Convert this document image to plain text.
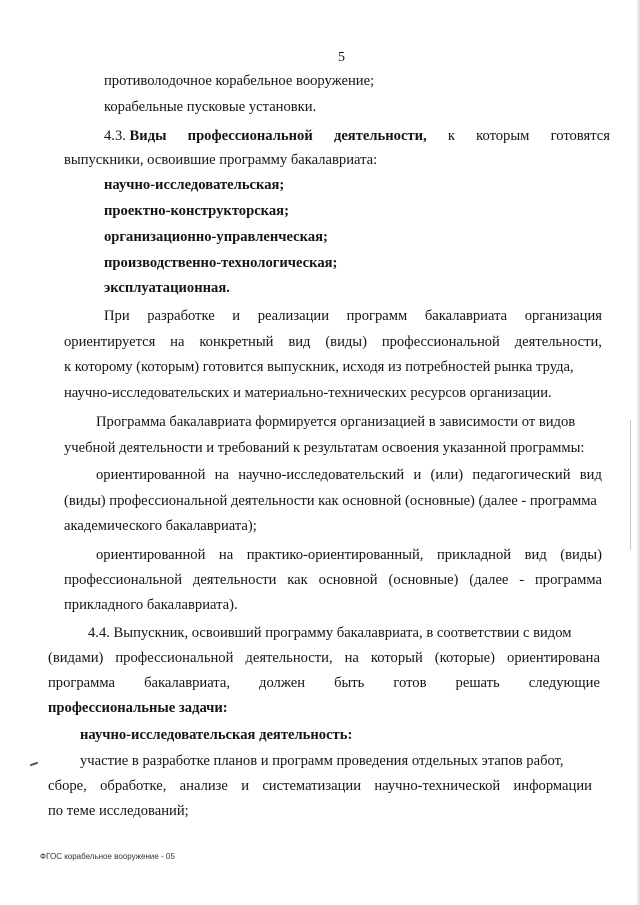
5
противолодочное корабельное вооружение;
корабельные пусковые установки.
4.3. Виды профессиональной деятельности, к которым готовятся
выпускники, освоившие программу бакалавриата:
научно-исследовательская;
проектно-конструкторская;
организационно-управленческая;
производственно-технологическая;
эксплуатационная.
При разработке и реализации программ бакалавриата организация
ориентируется на конкретный вид (виды) профессиональной деятельности,
к которому (которым) готовится выпускник, исходя из потребностей рынка труда,
научно-исследовательских и материально-технических ресурсов организации.
Программа бакалавриата формируется организацией в зависимости от видов
учебной деятельности и требований к результатам освоения указанной программы:
ориентированной на научно-исследовательский и (или) педагогический вид
(виды) профессиональной деятельности как основной (основные) (далее - программа
академического бакалавриата);
ориентированной на практико-ориентированный, прикладной вид (виды)
профессиональной деятельности как основной (основные) (далее - программа
прикладного бакалавриата).
4.4. Выпускник, освоивший программу бакалавриата, в соответствии с видом
(видами) профессиональной деятельности, на который (которые) ориентирована
программа бакалавриата, должен быть готов решать следующие
профессиональные задачи:
научно-исследовательская деятельность:
участие в разработке планов и программ проведения отдельных этапов работ,
сборе, обработке, анализе и систематизации научно-технической информации
по теме исследований;
ФГОС корабельное вооружение - 05
